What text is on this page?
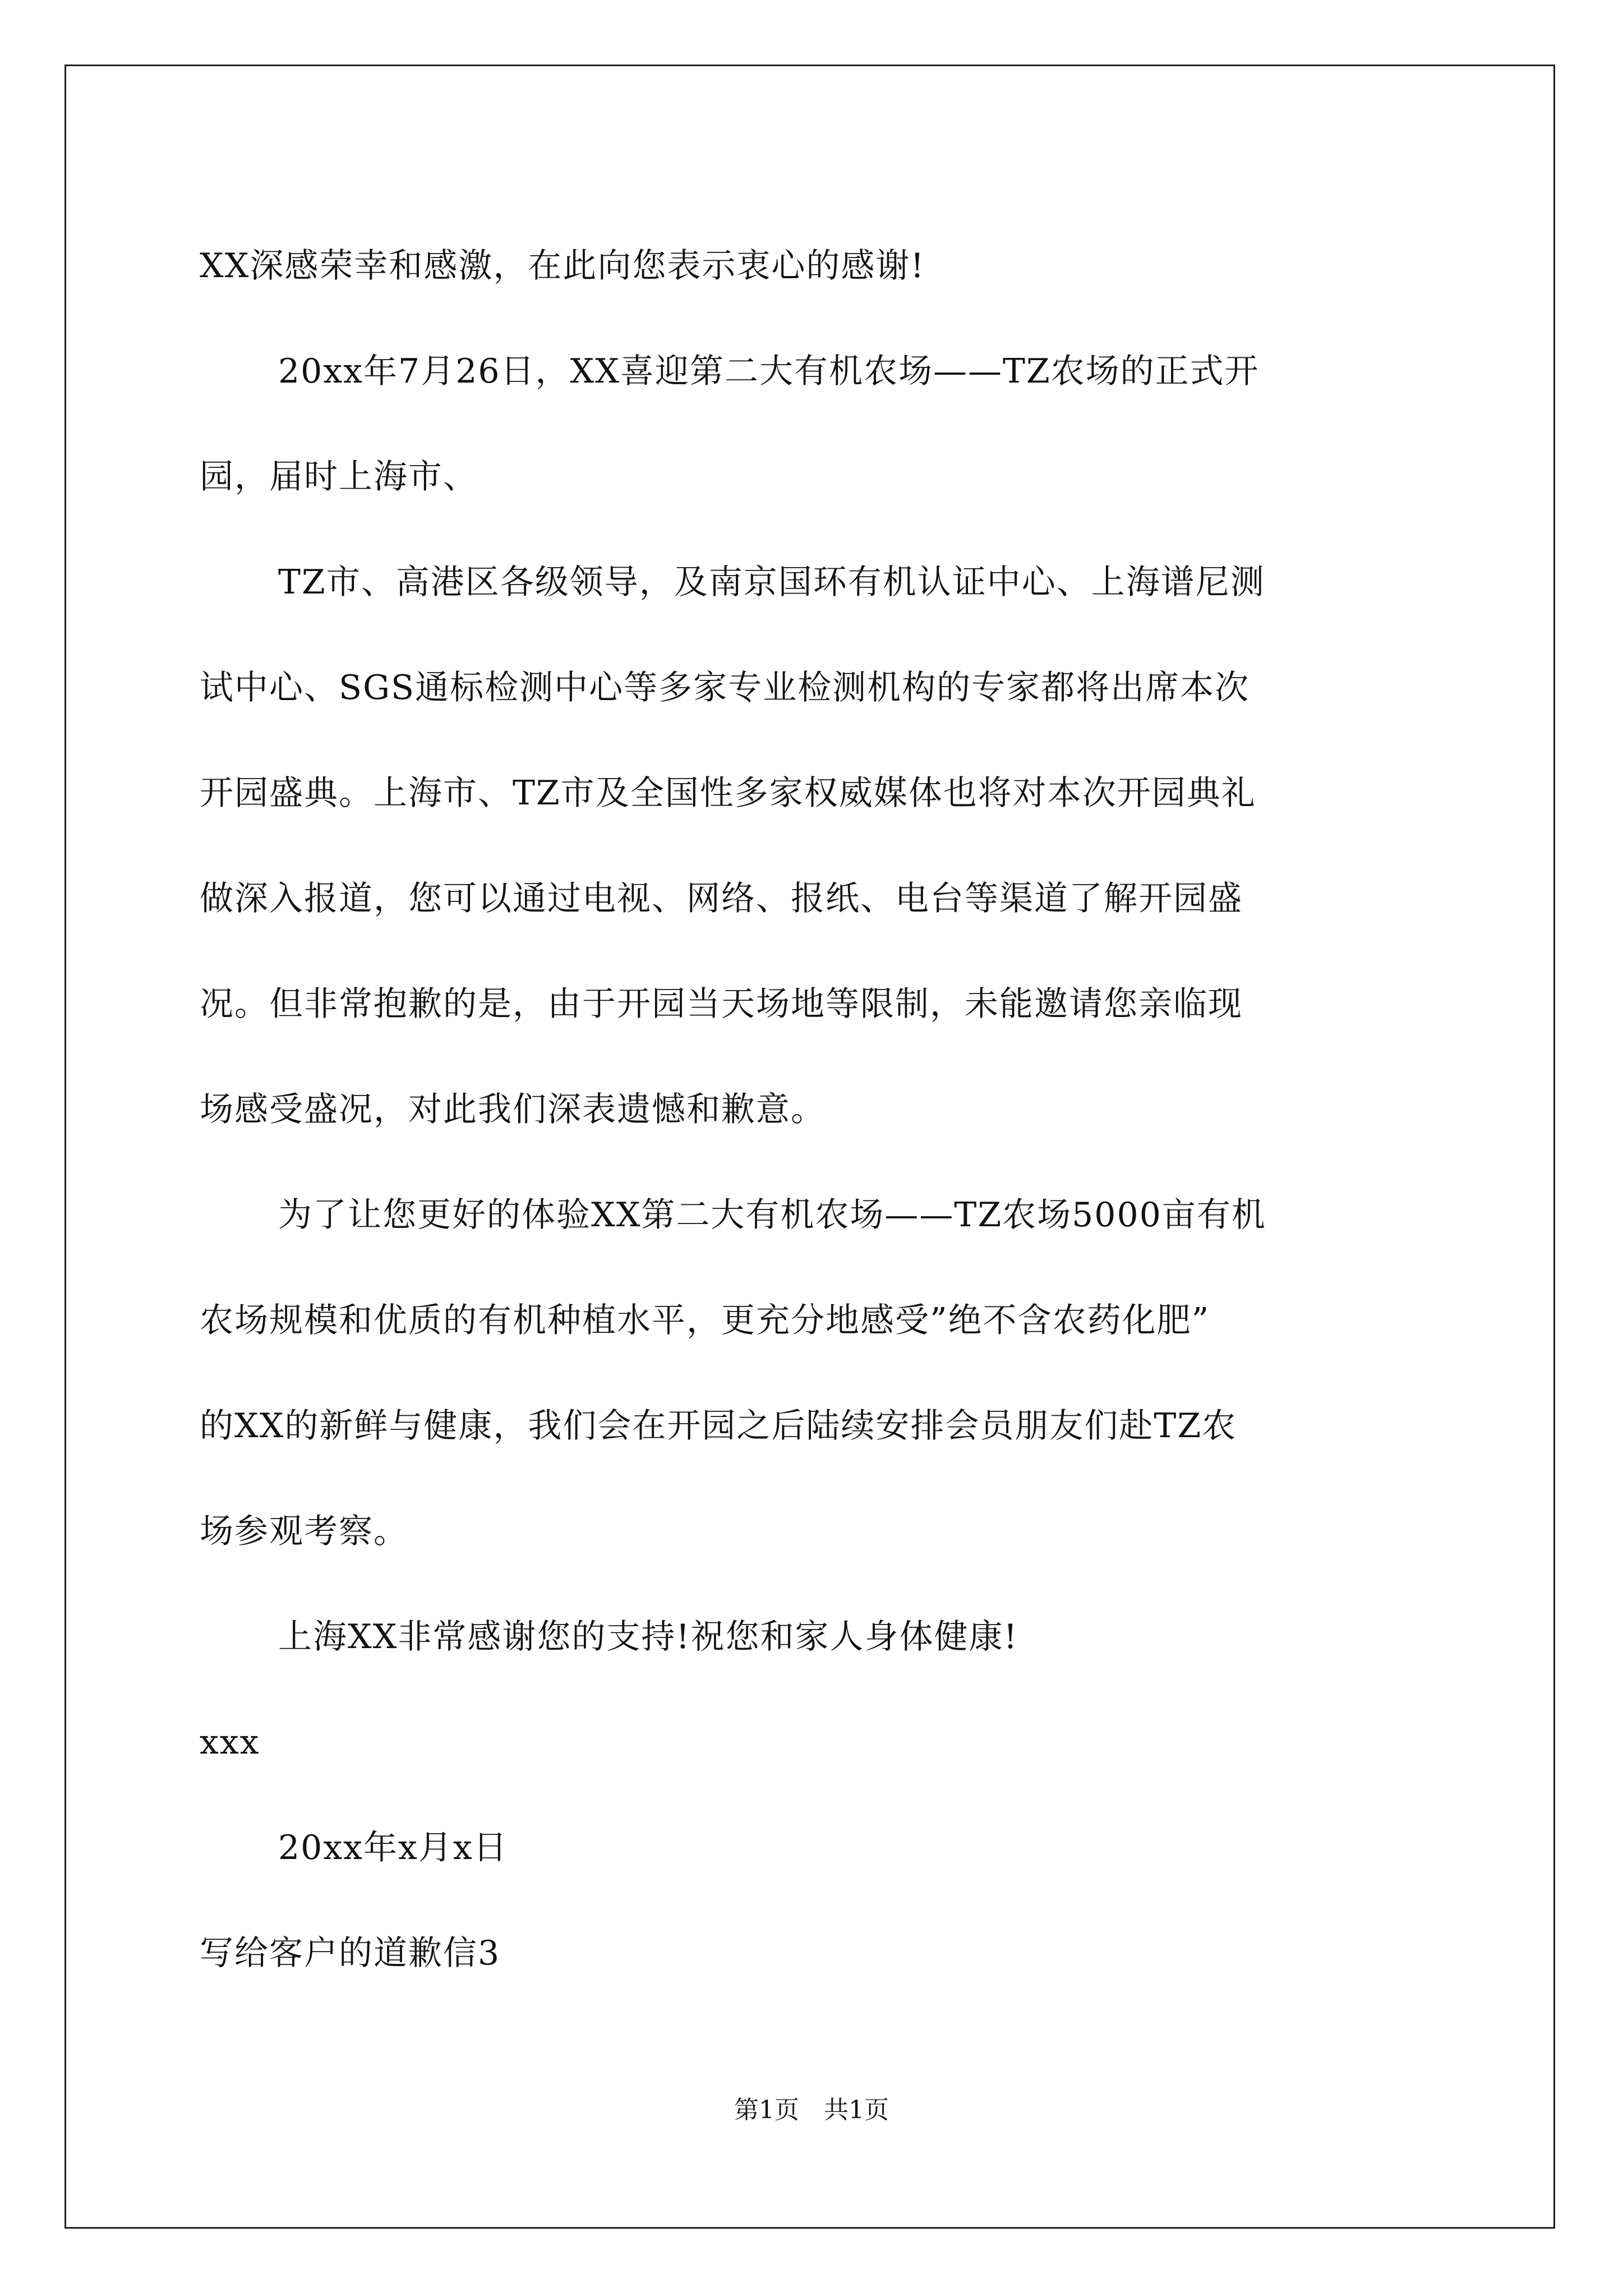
XX深感荣幸和感激，在此向您表示衷心的感谢!
20xx年7月26日，XX喜迎第二大有机农场——TZ农场的正式开
园，届时上海市、
TZ市、高港区各级领导，及南京国环有机认证中心、上海谱尼测
试中心、SGS通标检测中心等多家专业检测机构的专家都将出席本次
开园盛典。上海市、TZ市及全国性多家权威媒体也将对本次开园典礼
做深入报道，您可以通过电视、网络、报纸、电台等渠道了解开园盛
况。但非常抱歉的是，由于开园当天场地等限制，未能邀请您亲临现
场感受盛况，对此我们深表遗憾和歉意。
为了让您更好的体验XX第二大有机农场——TZ农场5000亩有机
农场规模和优质的有机种植水平，更充分地感受”绝不含农药化肥”
的XX的新鲜与健康，我们会在开园之后陆续安排会员朋友们赴TZ农
场参观考察。
上海XX非常感谢您的支持!祝您和家人身体健康!
xxx
20xx年x月x日
写给客户的道歉信3
第1页　共1页
